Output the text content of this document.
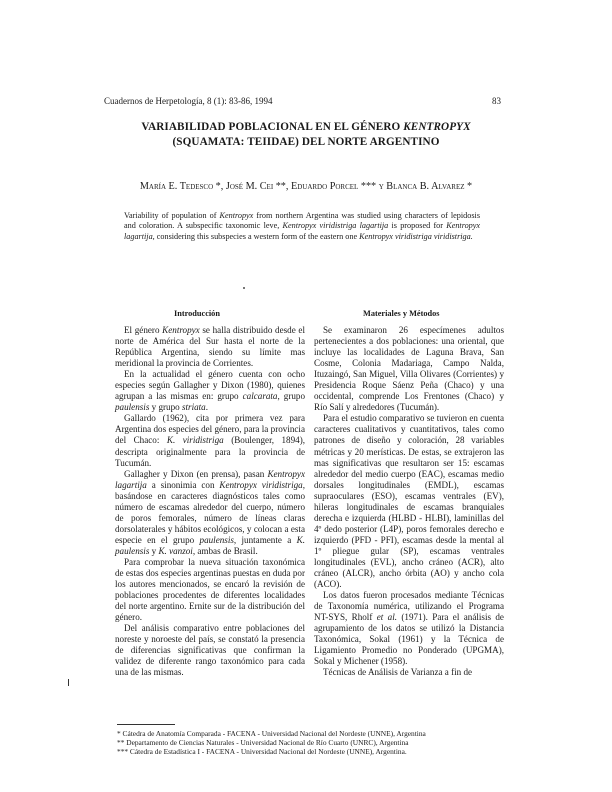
Cuadernos de Herpetología, 8 (1): 83-86, 1994	83
VARIABILIDAD POBLACIONAL EN EL GÉNERO KENTROPYX
(SQUAMATA: TEIIDAE) DEL NORTE ARGENTINO
María E. Tedesco *, José M. Cei **, Eduardo Porcel *** y Blanca B. Alvarez *
Variability of population of Kentropyx from northern Argentina was studied using characters of lepidosis and coloration. A subspecific taxonomic leve, Kentropyx viridistriga lagartija is proposed for Kentropyx lagartija, considering this subspecies a western form of the eastern one Kentropyx viridistriga viridistriga.
Introducción	Materiales y Métodos

El género Kentropyx se halla distribuido desde el norte de América del Sur hasta el norte de la República Argentina, siendo su límite mas meridional la provincia de Corrientes.

En la actualidad el género cuenta con ocho especies según Gallagher y Dixon (1980), quienes agrupan a las mismas en: grupo calcarata, grupo paulensis y grupo striata.

Gallardo (1962), cita por primera vez para Argentina dos especies del género, para la provincia del Chaco: K. viridistriga (Boulenger, 1894), descripta originalmente para la provincia de Tucumán.

Gallagher y Dixon (en prensa), pasan Kentropyx lagartija a sinonimia con Kentropyx viridistriga, basándose en caracteres diagnósticos tales como número de escamas alrededor del cuerpo, número de poros femorales, número de líneas claras dorsolaterales y hábitos ecológicos, y colocan a esta especie en el grupo paulensis, juntamente a K. paulensis y K. vanzoi, ambas de Brasil.

Para comprobar la nueva situación taxonómica de estas dos especies argentinas puestas en duda por los autores mencionados, se encaró la revisión de poblaciones procedentes de diferentes localidades del norte argentino. Ernite sur de la distribución del género.

Del análisis comparativo entre poblaciones del noreste y noroeste del país, se constató la presencia de diferencias significativas que confirman la validez de diferente rango taxonómico para cada una de las mismas.

Se examinaron 26 especímenes adultos pertenecientes a dos poblaciones: una oriental, que incluye las localidades de Laguna Brava, San Cosme, Colonia Madariaga, Campo Nalda, Ituzaingó, San Miguel, Villa Olivares (Corrientes) y Presidencia Roque Sáenz Peña (Chaco) y una occidental, comprende Los Frentones (Chaco) y Río Salí y alrededores (Tucumán).

Para el estudio comparativo se tuvieron en cuenta caracteres cualitativos y cuantitativos, tales como patrones de diseño y coloración, 28 variables métricas y 20 merísticas. De estas, se extrajeron las mas significativas que resultaron ser 15: escamas alrededor del medio cuerpo (EAC), escamas medio dorsales longitudinales (EMDL), escamas supraoculares (ESO), escamas ventrales (EV), hileras longitudinales de escamas branquiales derecha e izquierda (HLBD - HLBI), laminillas del 4º dedo posterior (L4P), poros femorales derecho e izquierdo (PFD - PFI), escamas desde la mental al 1º pliegue gular (SP), escamas ventrales longitudinales (EVL), ancho cráneo (ACR), alto cráneo (ALCR), ancho órbita (AO) y ancho cola (ACO).

Los datos fueron procesados mediante Técnicas de Taxonomía numérica, utilizando el Programa NT-SYS, Rholf et al. (1971). Para el análisis de agrupamiento de los datos se utilizó la Distancia Taxonómica, Sokal (1961) y la Técnica de Ligamiento Promedio no Ponderado (UPGMA), Sokal y Michener (1958).

Técnicas de Análisis de Varianza a fin de

* Cátedra de Anatomía Comparada - FACENA - Universidad Nacional del Nordeste (UNNE), Argentina
** Departamento de Ciencias Naturales - Universidad Nacional de Río Cuarto (UNRC), Argentina
*** Cátedra de Estadística I - FACENA - Universidad Nacional del Nordeste (UNNE), Argentina.
